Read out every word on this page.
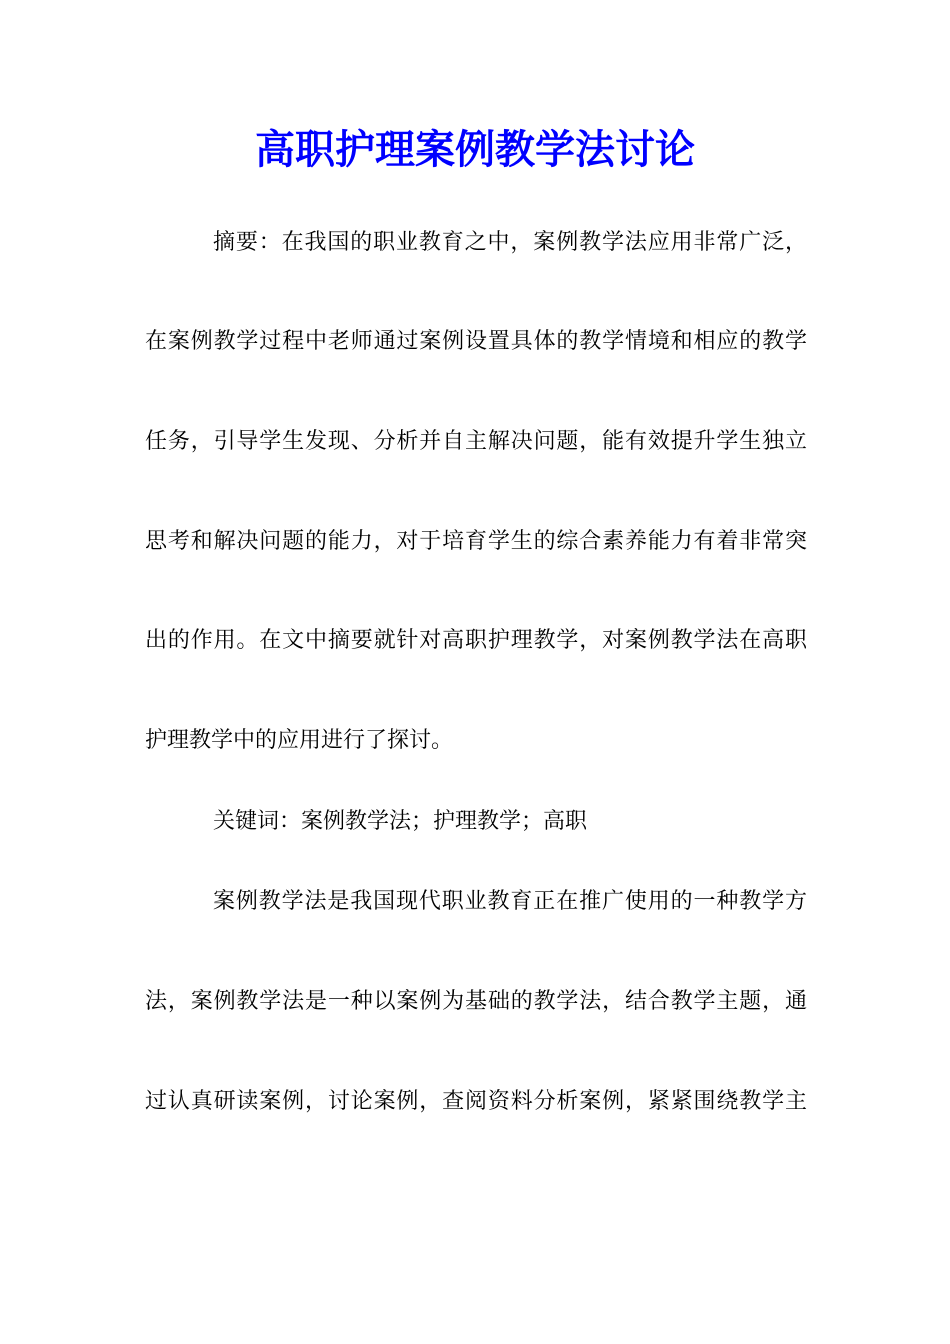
高职护理案例教学法讨论

摘要：在我国的职业教育之中，案例教学法应用非常广泛，

在案例教学过程中老师通过案例设置具体的教学情境和相应的教学

任务，引导学生发现、分析并自主解决问题，能有效提升学生独立

思考和解决问题的能力，对于培育学生的综合素养能力有着非常突

出的作用。在文中摘要就针对高职护理教学，对案例教学法在高职

护理教学中的应用进行了探讨。

关键词：案例教学法；护理教学；高职

案例教学法是我国现代职业教育正在推广使用的一种教学方

法，案例教学法是一种以案例为基础的教学法，结合教学主题，通

过认真研读案例，讨论案例，查阅资料分析案例，紧紧围绕教学主
